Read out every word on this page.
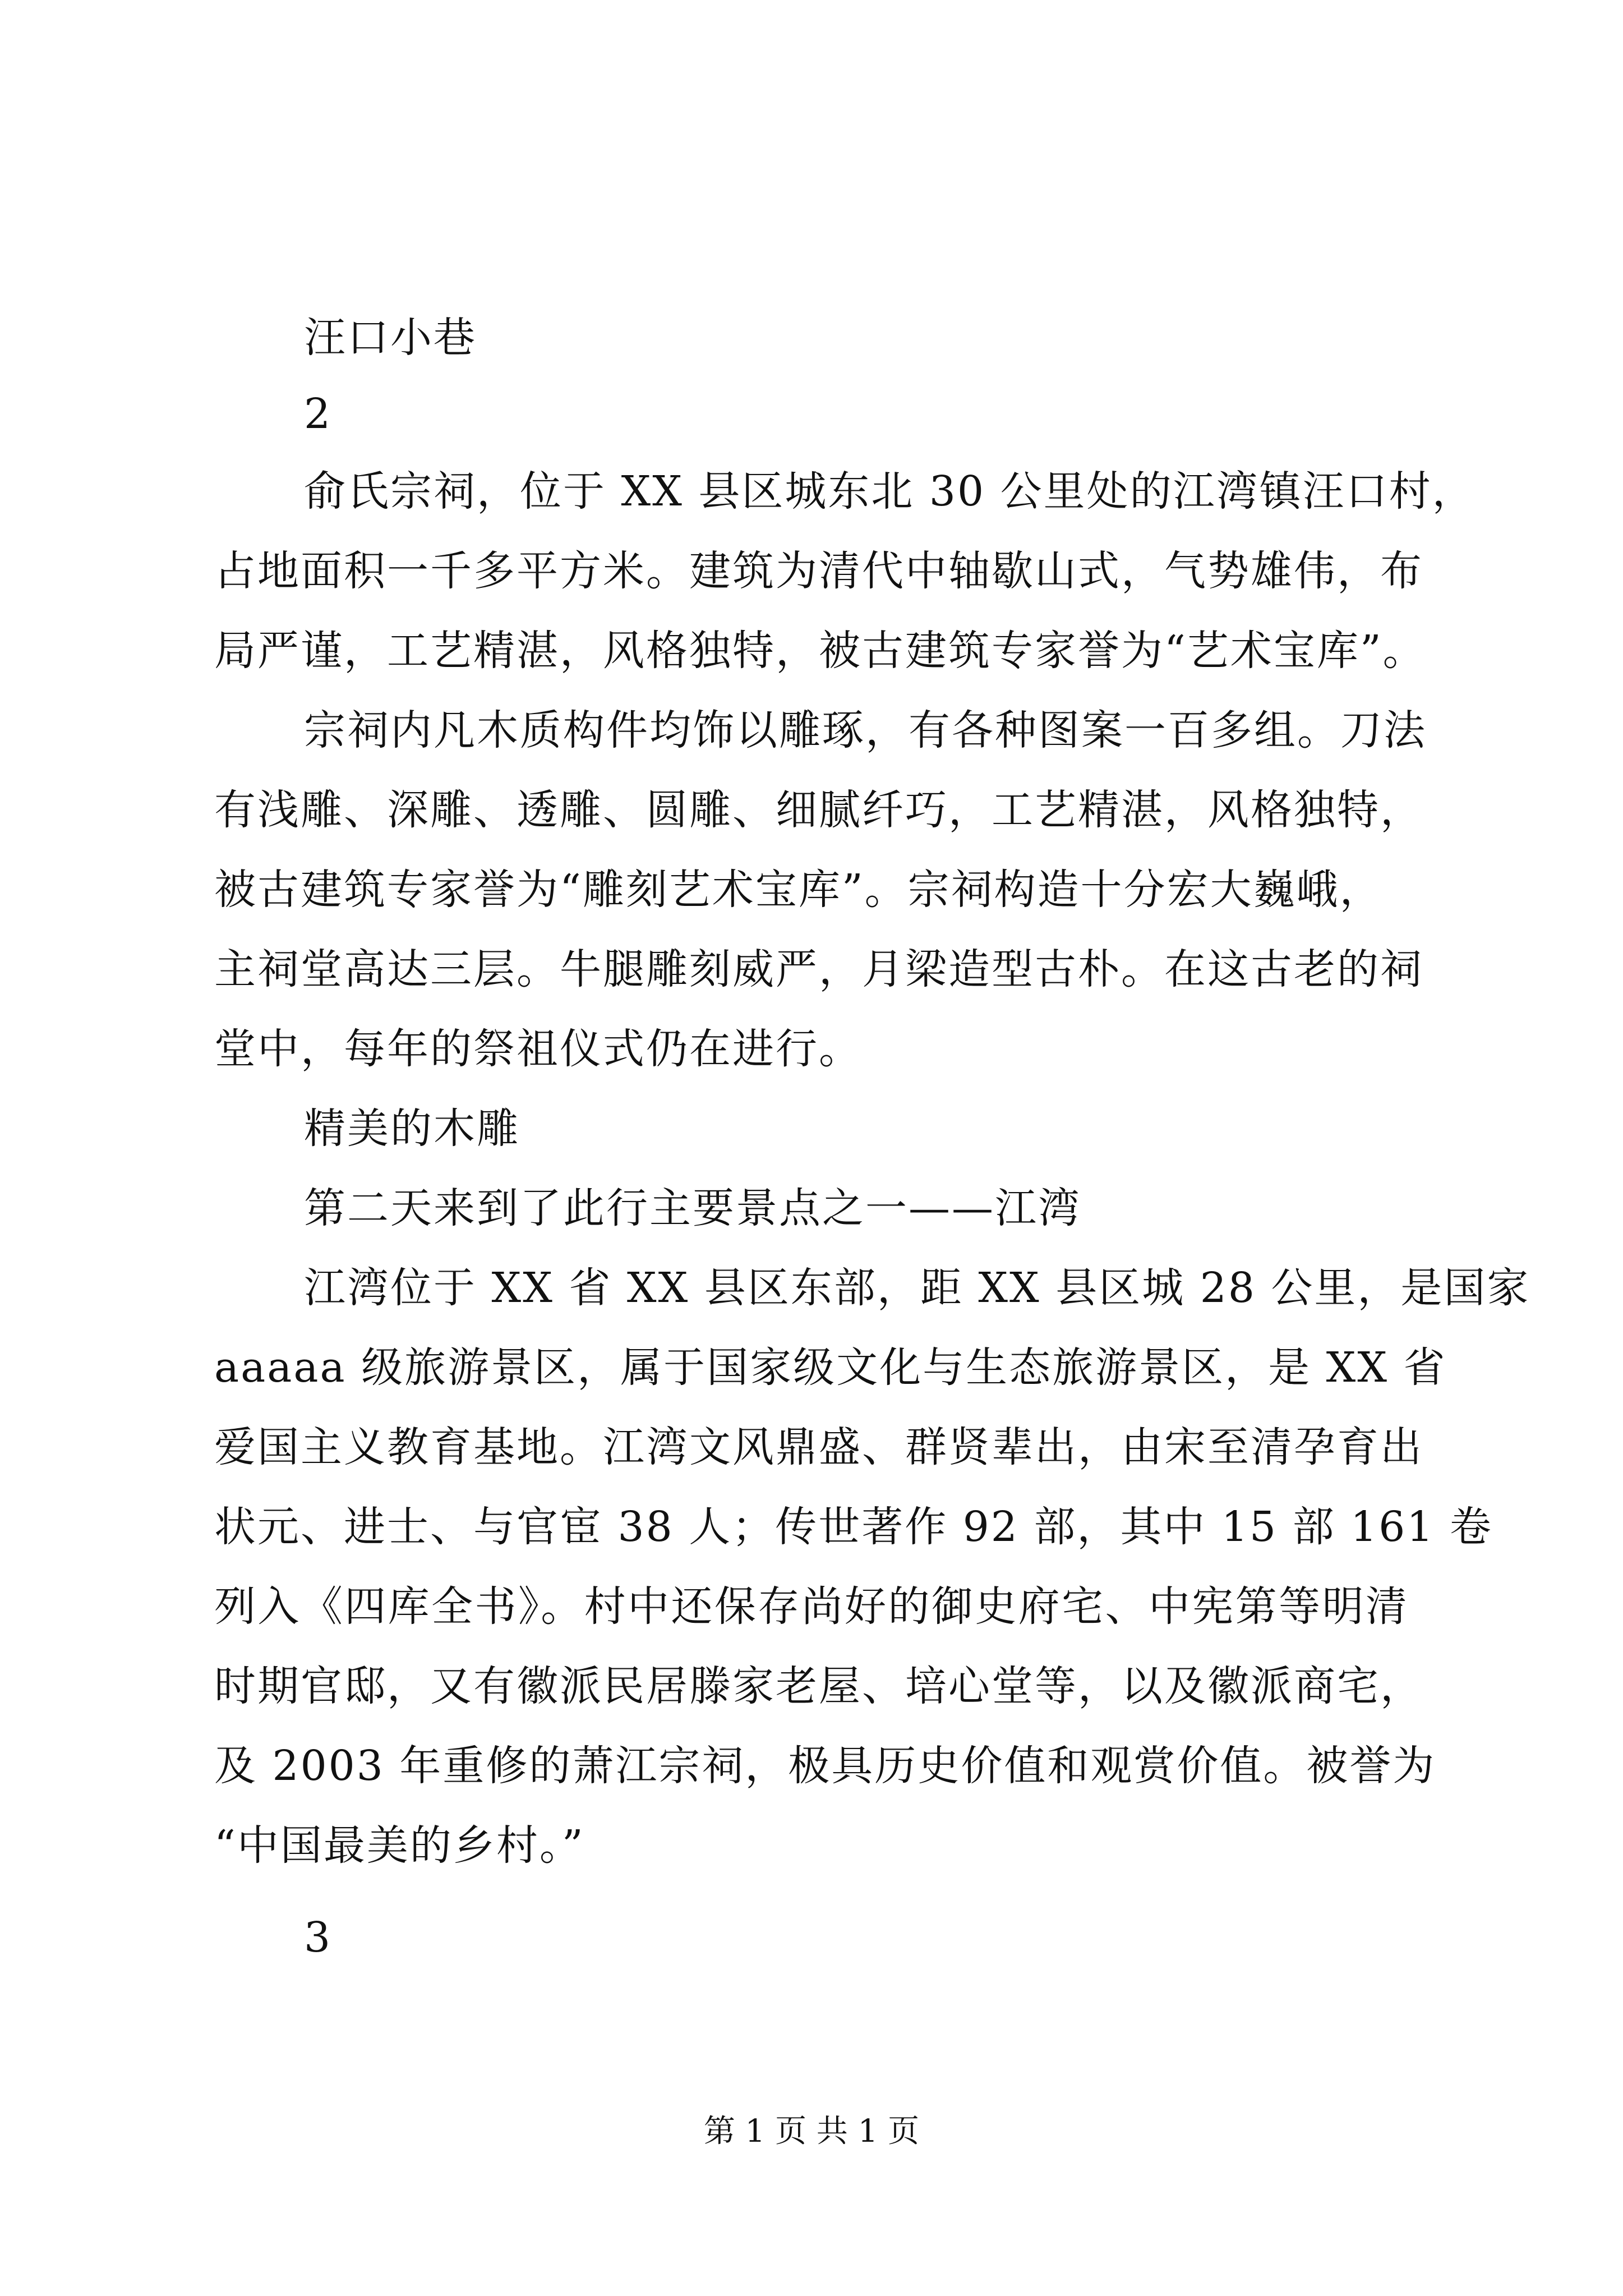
汪口小巷
2
俞氏宗祠，位于 XX 县区城东北 30 公里处的江湾镇汪口村，
占地面积一千多平方米。建筑为清代中轴歇山式，气势雄伟，布
局严谨，工艺精湛，风格独特，被古建筑专家誉为“艺术宝库”。
宗祠内凡木质构件均饰以雕琢，有各种图案一百多组。刀法
有浅雕、深雕、透雕、圆雕、细腻纤巧，工艺精湛，风格独特，
被古建筑专家誉为“雕刻艺术宝库”。宗祠构造十分宏大巍峨，
主祠堂高达三层。牛腿雕刻威严，月梁造型古朴。在这古老的祠
堂中，每年的祭祖仪式仍在进行。
精美的木雕
第二天来到了此行主要景点之一——江湾
江湾位于 XX 省 XX 县区东部，距 XX 县区城 28 公里，是国家
aaaaa 级旅游景区，属于国家级文化与生态旅游景区，是 XX 省
爱国主义教育基地。江湾文风鼎盛、群贤辈出，由宋至清孕育出
状元、进士、与官宦 38 人；传世著作 92 部，其中 15 部 161 卷
列入《四库全书》。村中还保存尚好的御史府宅、中宪第等明清
时期官邸，又有徽派民居滕家老屋、培心堂等，以及徽派商宅，
及 2003 年重修的萧江宗祠，极具历史价值和观赏价值。被誉为
“中国最美的乡村。”
3
第 1 页 共 1 页
